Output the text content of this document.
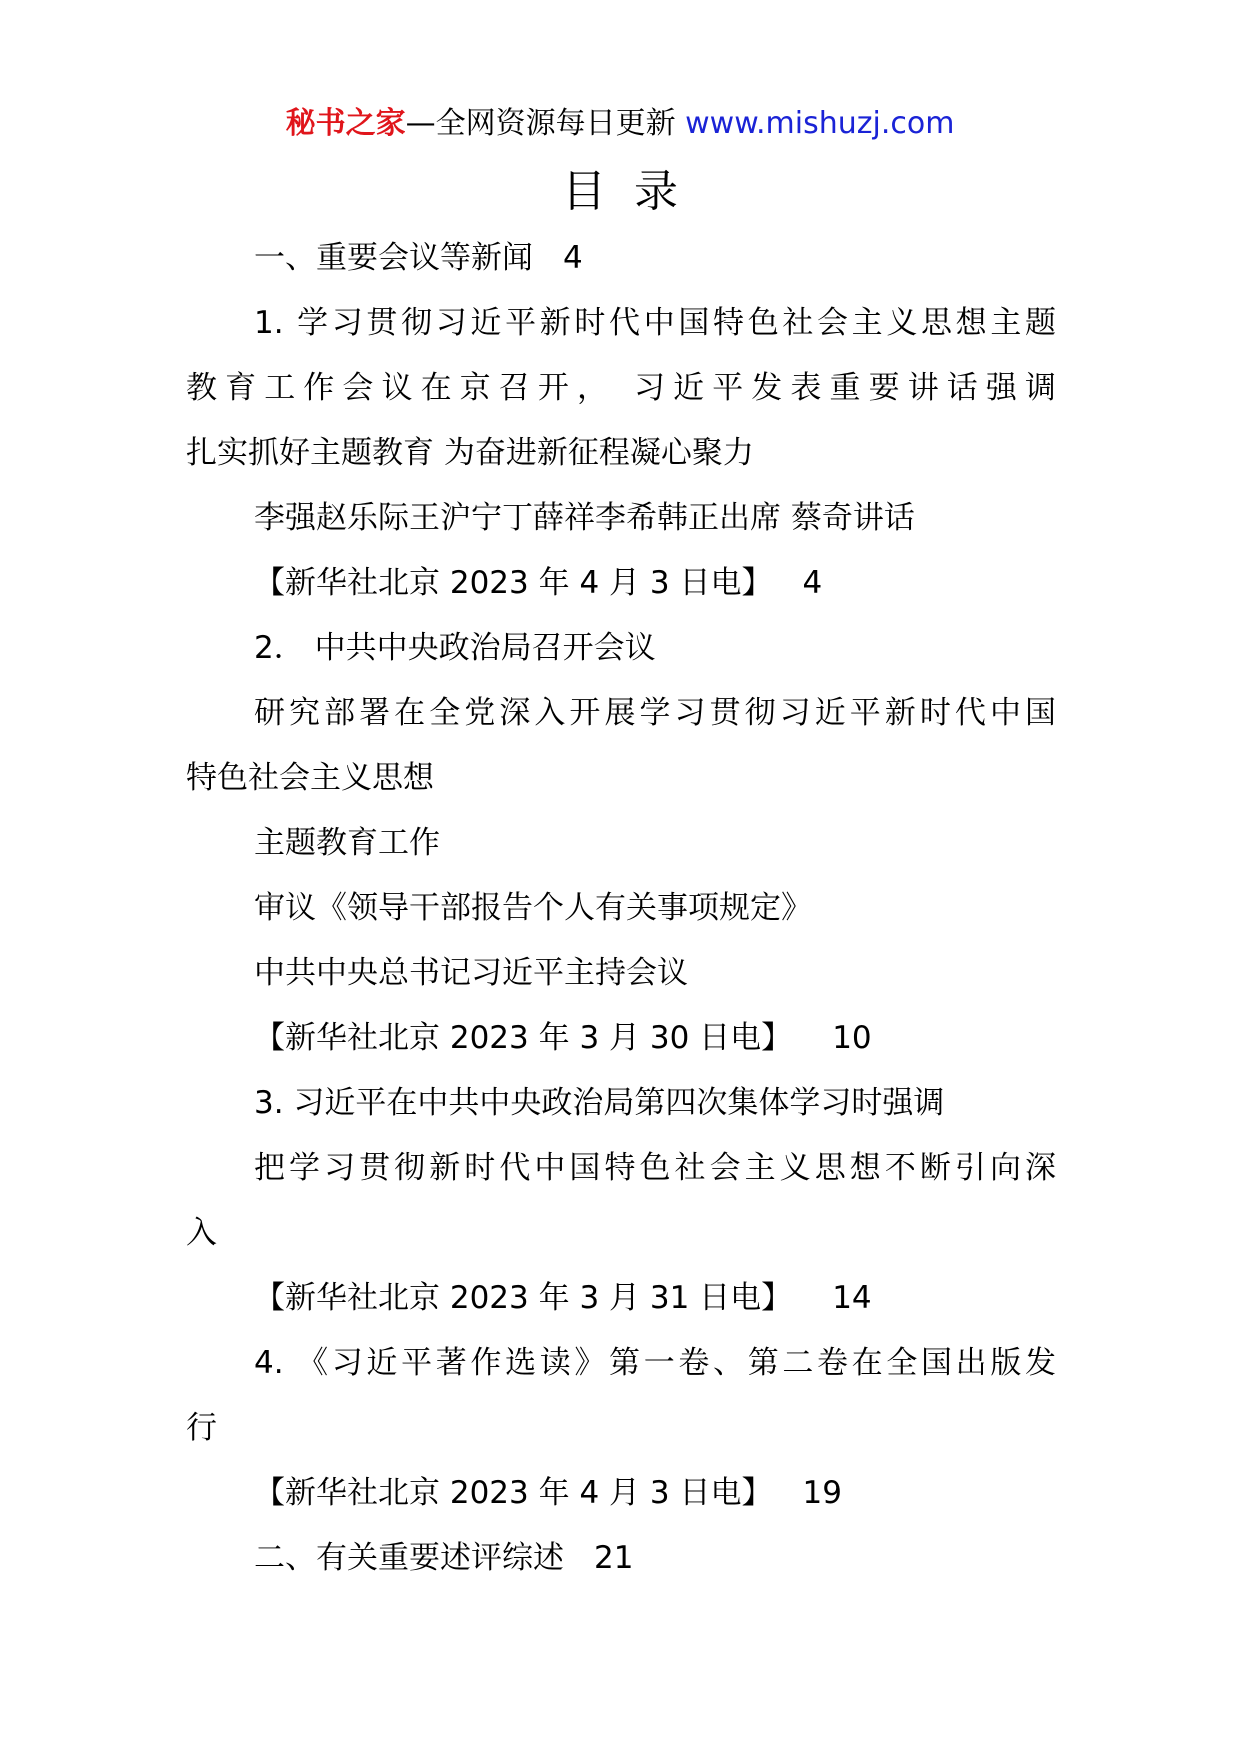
秘书之家—全网资源每日更新 www.mishuzj.com
目录
一、重要会议等新闻 4
1. 学习贯彻习近平新时代中国特色社会主义思想主题
教育工作会议在京召开， 习近平发表重要讲话强调
扎实抓好主题教育 为奋进新征程凝心聚力
李强赵乐际王沪宁丁薛祥李希韩正出席 蔡奇讲话
【新华社北京 2023 年 4 月 3 日电】 4
2． 中共中央政治局召开会议
研究部署在全党深入开展学习贯彻习近平新时代中国
特色社会主义思想
主题教育工作
审议《领导干部报告个人有关事项规定》
中共中央总书记习近平主持会议
【新华社北京 2023 年 3 月 30 日电】 10
3. 习近平在中共中央政治局第四次集体学习时强调
把学习贯彻新时代中国特色社会主义思想不断引向深
入
【新华社北京 2023 年 3 月 31 日电】 14
4. 《习近平著作选读》第一卷、第二卷在全国出版发
行
【新华社北京 2023 年 4 月 3 日电】 19
二、有关重要述评综述 21
